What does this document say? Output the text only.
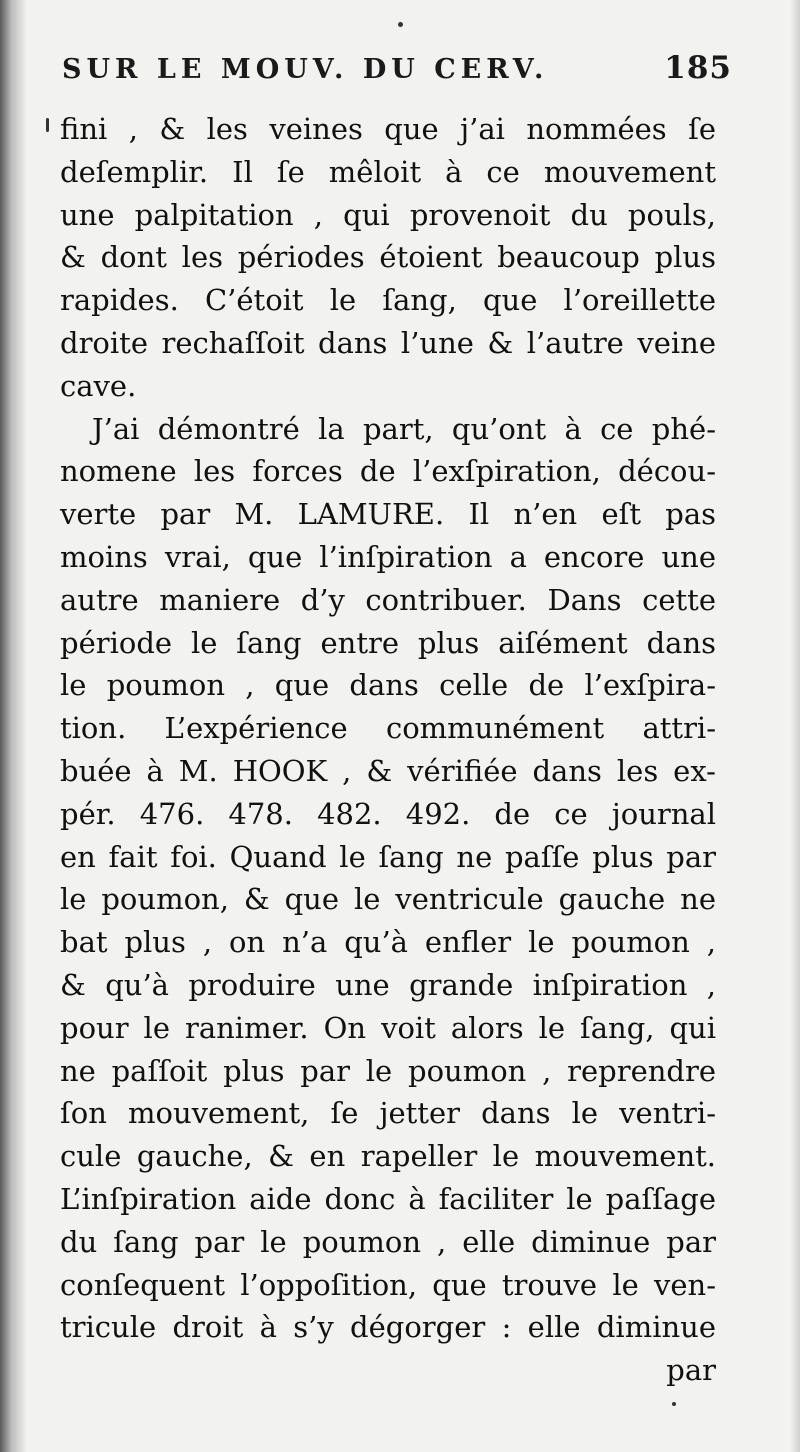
SUR LE MOUV. DU CERV.	185
fini , & les veines que j’ai nommées ſe
deſemplir. Il ſe mêloit à ce mouvement
une palpitation , qui provenoit du pouls,
& dont les périodes étoient beaucoup plus
rapides. C’étoit le ſang, que l’oreillette
droite rechaſſoit dans l’une & l’autre veine
cave.
J’ai démontré la part, qu’ont à ce phé-
nomene les forces de l’exſpiration, décou-
verte par M. LAMURE. Il n’en eſt pas
moins vrai, que l’inſpiration a encore une
autre maniere d’y contribuer. Dans cette
période le ſang entre plus aiſément dans
le poumon , que dans celle de l’exſpira-
tion. L’expérience communément attri-
buée à M. HOOK , & vérifiée dans les ex-
pér. 476. 478. 482. 492. de ce journal
en fait foi. Quand le ſang ne paſſe plus par
le poumon, & que le ventricule gauche ne
bat plus , on n’a qu’à enfler le poumon ,
& qu’à produire une grande inſpiration ,
pour le ranimer. On voit alors le ſang, qui
ne paſſoit plus par le poumon , reprendre
ſon mouvement, ſe jetter dans le ventri-
cule gauche, & en rapeller le mouvement.
L’inſpiration aide donc à faciliter le paſſage
du ſang par le poumon , elle diminue par
conſequent l’oppoſition, que trouve le ven-
tricule droit à s’y dégorger : elle diminue
par
